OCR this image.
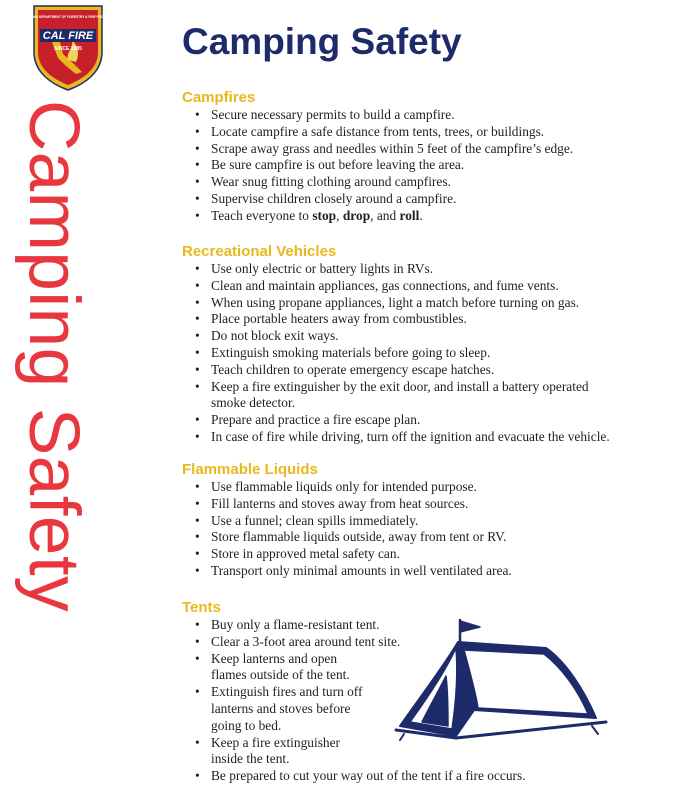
CAL FIRE
CALIFORNIA DEPARTMENT OF FORESTRY & FIRE PROTECTION
SINCE 1885
Camping Safety
Camping Safety
Campfires
• Secure necessary permits to build a campfire.
• Locate campfire a safe distance from tents, trees, or buildings.
• Scrape away grass and needles within 5 feet of the campfire’s edge.
• Be sure campfire is out before leaving the area.
• Wear snug fitting clothing around campfires.
• Supervise children closely around a campfire.
• Teach everyone to stop, drop, and roll.
Recreational Vehicles
• Use only electric or battery lights in RVs.
• Clean and maintain appliances, gas connections, and fume vents.
• When using propane appliances, light a match before turning on gas.
• Place portable heaters away from combustibles.
• Do not block exit ways.
• Extinguish smoking materials before going to sleep.
• Teach children to operate emergency escape hatches.
• Keep a fire extinguisher by the exit door, and install a battery operated smoke detector.
• Prepare and practice a fire escape plan.
• In case of fire while driving, turn off the ignition and evacuate the vehicle.
Flammable Liquids
• Use flammable liquids only for intended purpose.
• Fill lanterns and stoves away from heat sources.
• Use a funnel; clean spills immediately.
• Store flammable liquids outside, away from tent or RV.
• Store in approved metal safety can.
• Transport only minimal amounts in well ventilated area.
Tents
• Buy only a flame-resistant tent.
• Clear a 3-foot area around tent site.
• Keep lanterns and open flames outside of the tent.
• Extinguish fires and turn off lanterns and stoves before going to bed.
• Keep a fire extinguisher inside the tent.
• Be prepared to cut your way out of the tent if a fire occurs.
